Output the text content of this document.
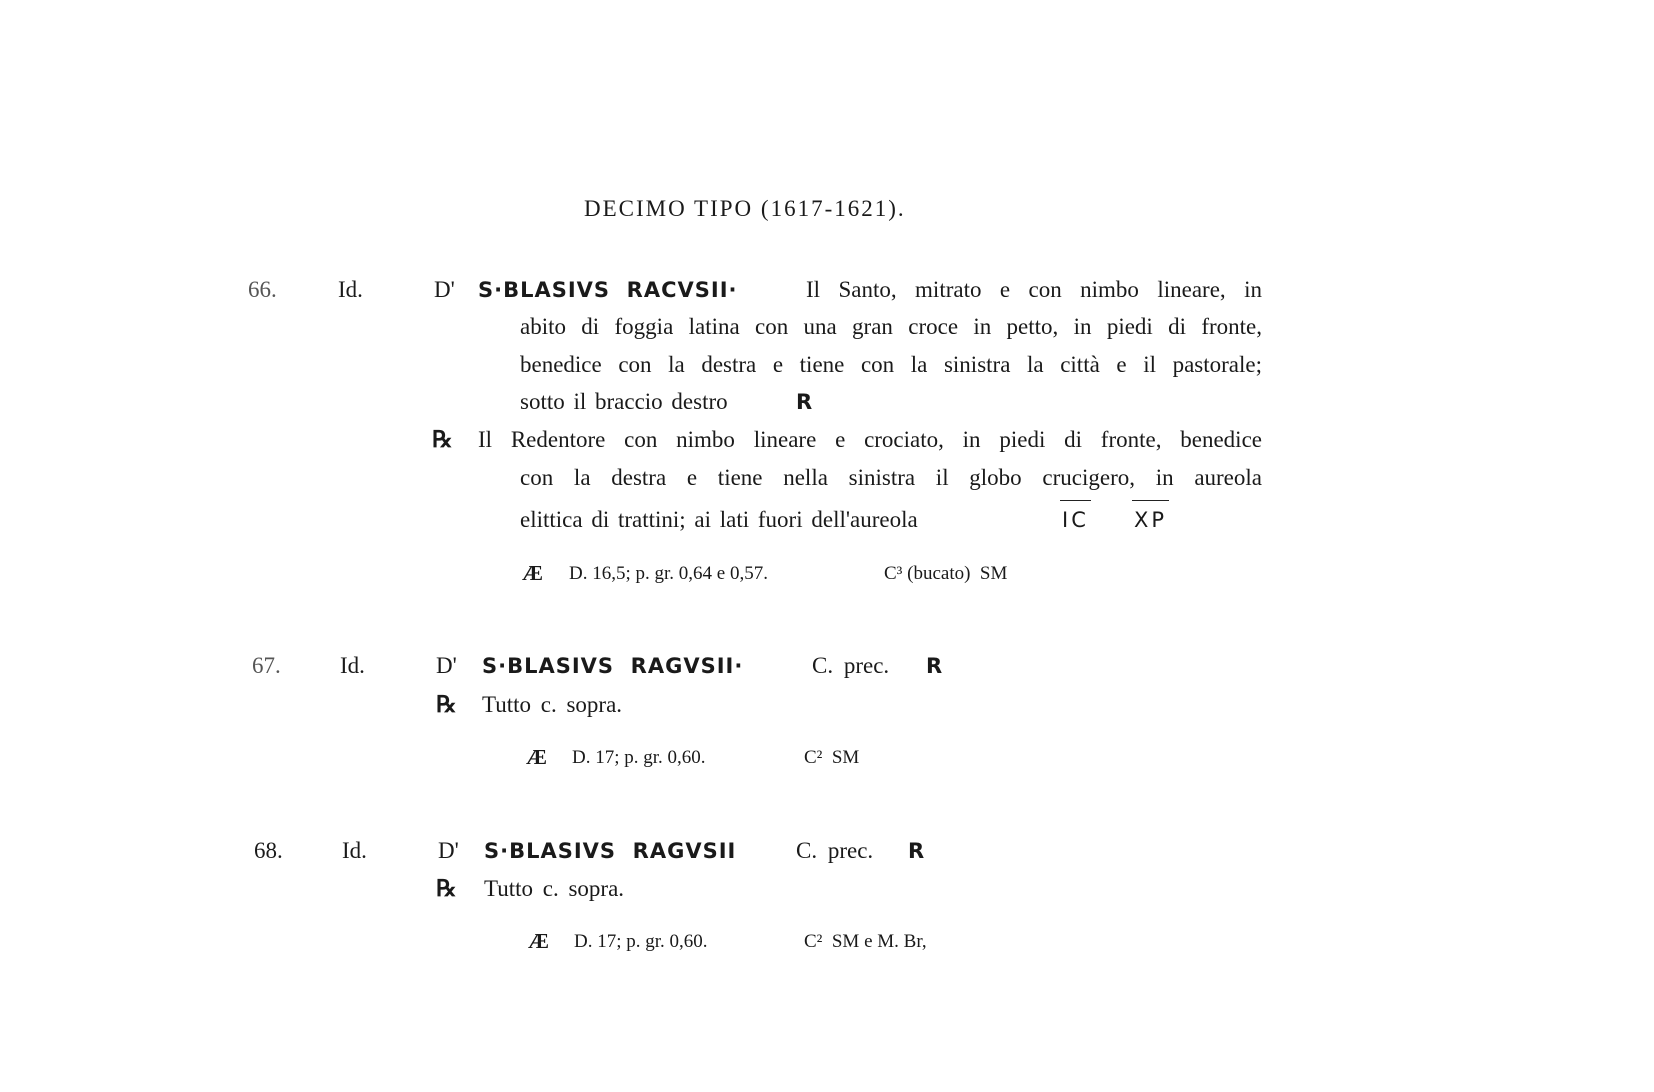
DECIMO TIPO (1617-1621).
66.	Id.	D' S·BLASIVS  RACVSII·	Il Santo, mitrato e con nimbo lineare, in
abito di foggia latina con una gran croce in petto, in piedi di fronte,
benedice con la destra e tiene con la sinistra la città e il pastorale;
sotto il braccio destro	R
℞ Il Redentore con nimbo lineare e crociato, in piedi di fronte, benedice
con la destra e tiene nella sinistra il globo crucigero, in aureola
elittica di trattini; ai lati fuori dell'aureola	IC XP
Æ D. 16,5; p. gr. 0,64 e 0,57.	C³ (bucato)  SM
67.	Id.	D' S·BLASIVS  RAGVSII·	C. prec. R
℞ Tutto c. sopra.
Æ D. 17; p. gr. 0,60.	C²  SM
68.	Id.	D' S·BLASIVS  RAGVSII	C. prec. R
℞ Tutto c. sopra.
Æ D. 17; p. gr. 0,60.	C²  SM e M. Br,
